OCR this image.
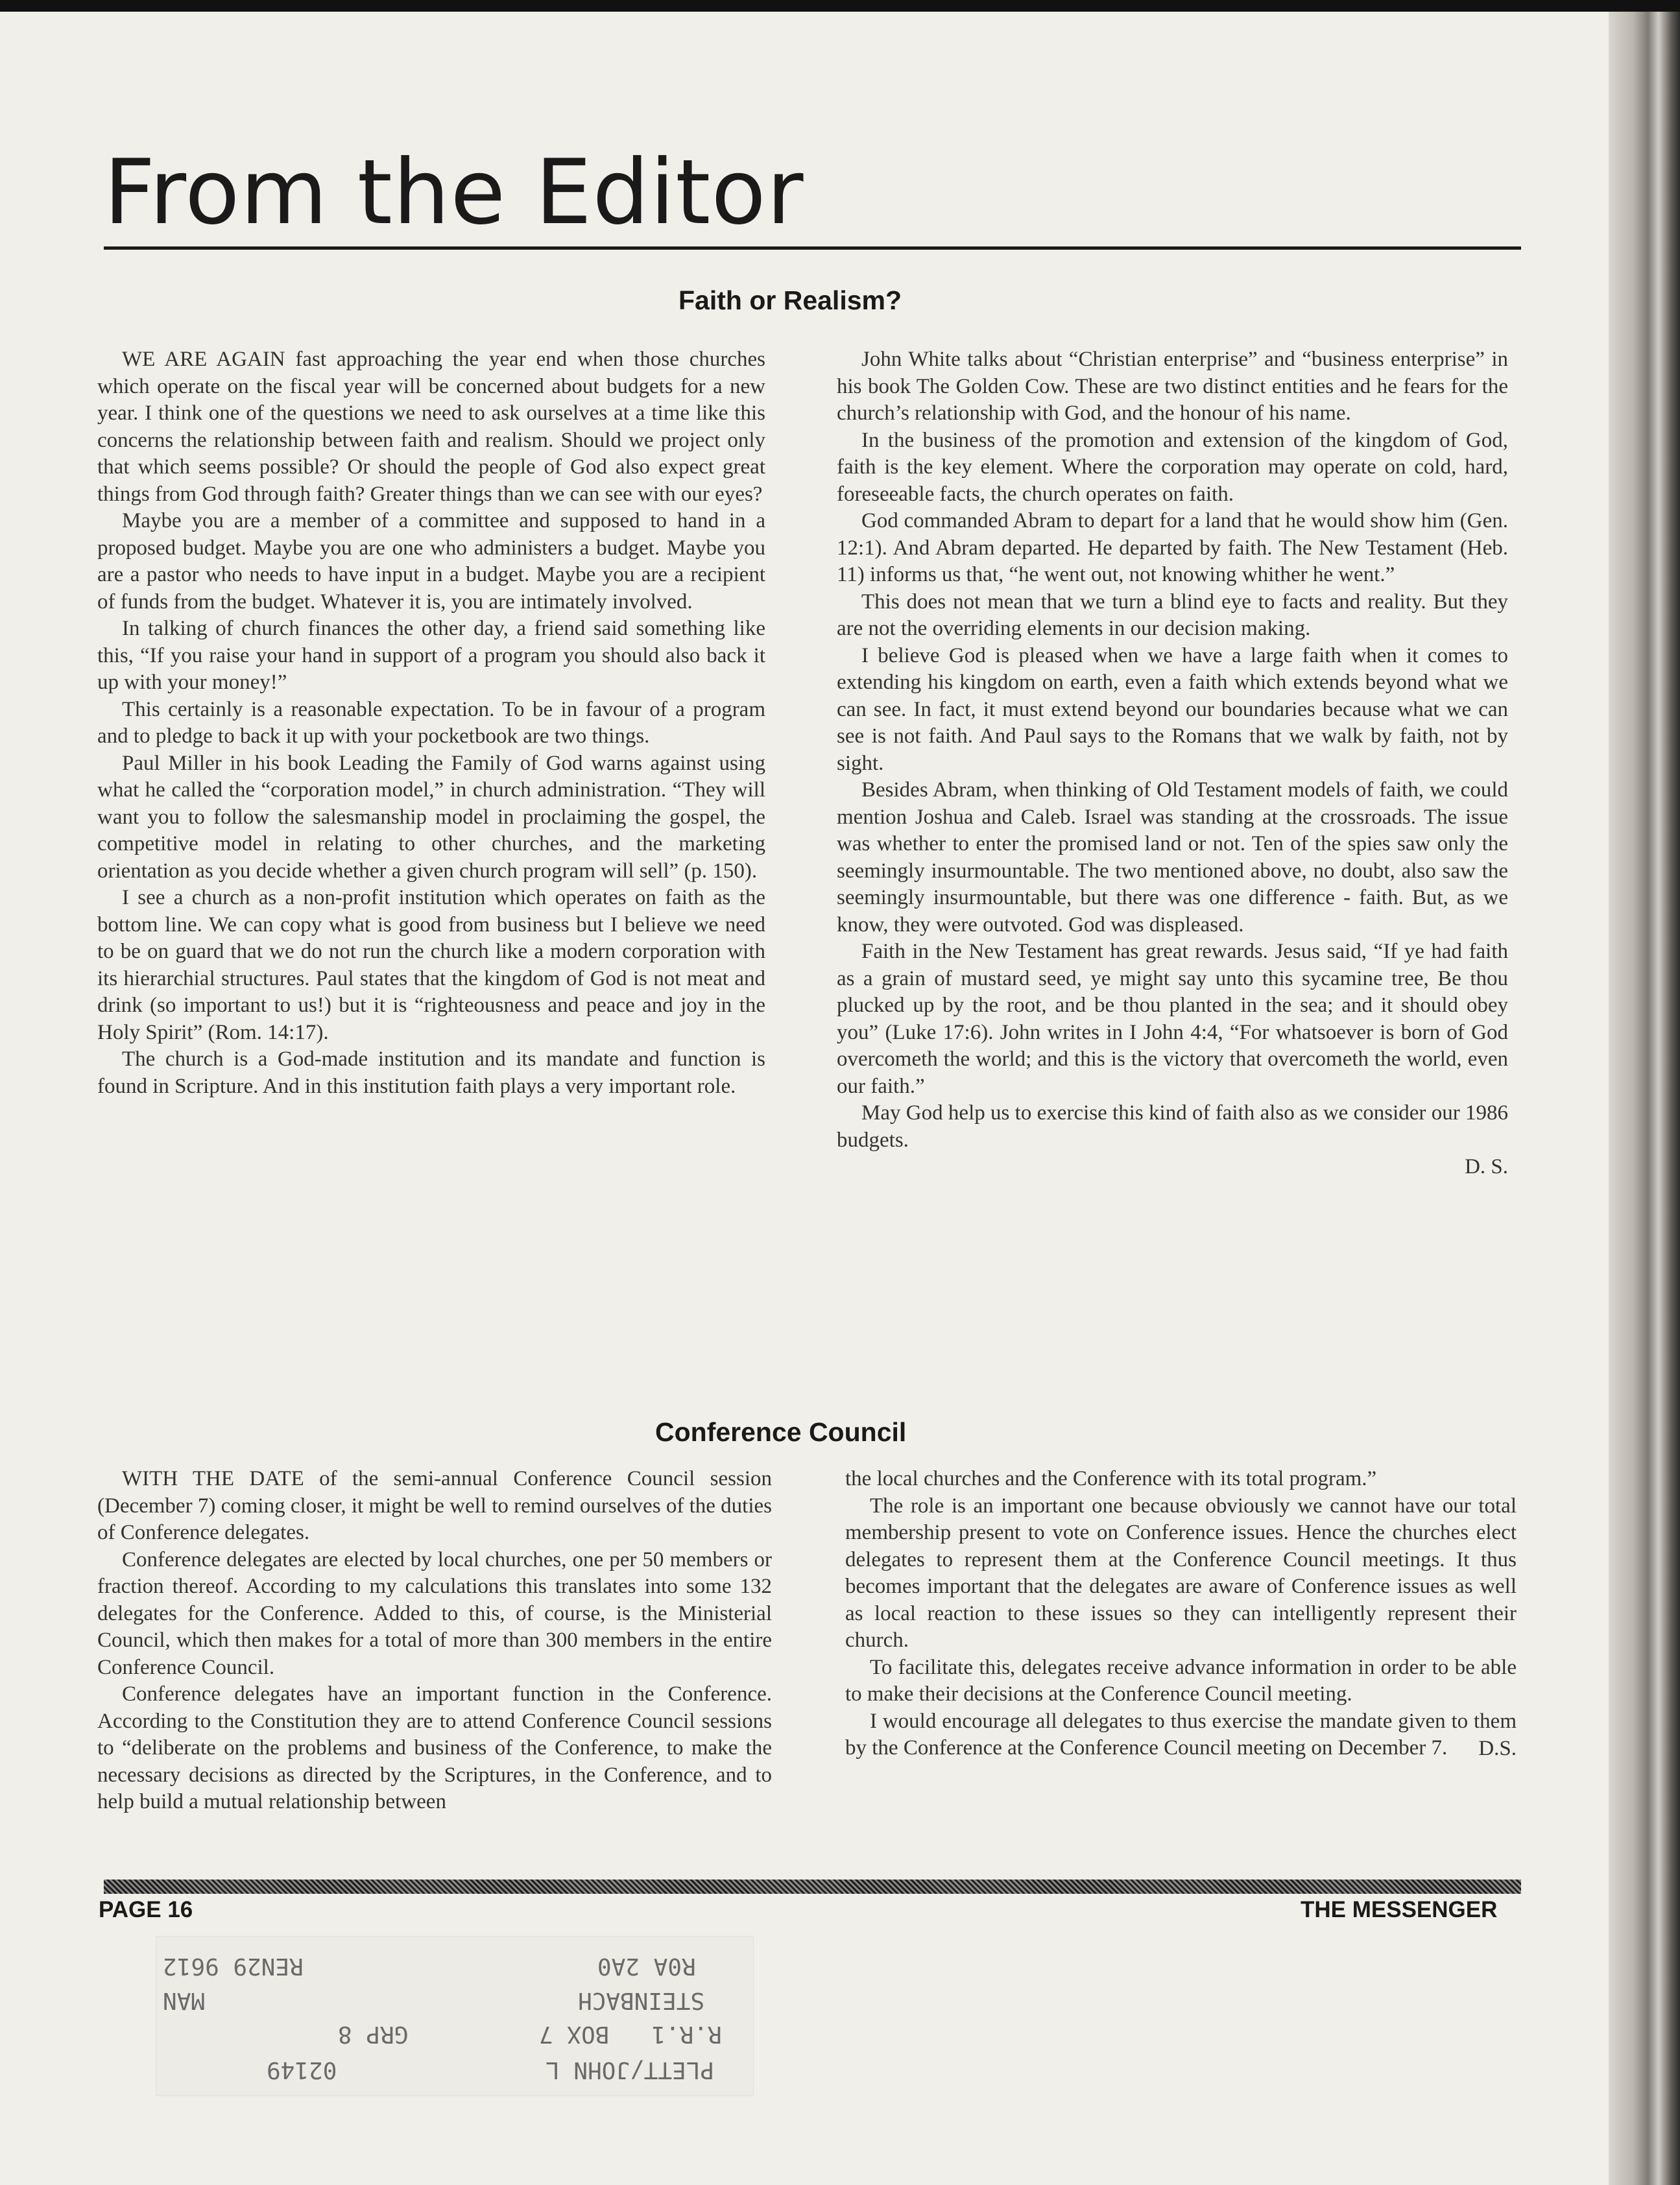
From the Editor
Faith or Realism?

WE ARE AGAIN fast approaching the year end when those churches which operate on the fiscal year will be concerned about budgets for a new year. I think one of the questions we need to ask ourselves at a time like this concerns the relationship between faith and realism. Should we project only that which seems possible? Or should the people of God also expect great things from God through faith? Greater things than we can see with our eyes?

Maybe you are a member of a committee and supposed to hand in a proposed budget. Maybe you are one who administers a budget. Maybe you are a pastor who needs to have input in a budget. Maybe you are a recipient of funds from the budget. Whatever it is, you are intimately involved.

In talking of church finances the other day, a friend said something like this, “If you raise your hand in support of a program you should also back it up with your money!”

This certainly is a reasonable expectation. To be in favour of a program and to pledge to back it up with your pocketbook are two things.

Paul Miller in his book Leading the Family of God warns against using what he called the “corporation model,” in church administration. “They will want you to follow the salesmanship model in proclaiming the gospel, the competitive model in relating to other churches, and the marketing orientation as you decide whether a given church program will sell” (p. 150).

I see a church as a non-profit institution which operates on faith as the bottom line. We can copy what is good from business but I believe we need to be on guard that we do not run the church like a modern corporation with its hierarchial structures. Paul states that the kingdom of God is not meat and drink (so important to us!) but it is “righteousness and peace and joy in the Holy Spirit” (Rom. 14:17).

The church is a God-made institution and its mandate and function is found in Scripture. And in this institution faith plays a very important role.

John White talks about “Christian enterprise” and “business enterprise” in his book The Golden Cow. These are two distinct entities and he fears for the church’s relationship with God, and the honour of his name.

In the business of the promotion and extension of the kingdom of God, faith is the key element. Where the corporation may operate on cold, hard, foreseeable facts, the church operates on faith.

God commanded Abram to depart for a land that he would show him (Gen. 12:1). And Abram departed. He departed by faith. The New Testament (Heb. 11) informs us that, “he went out, not knowing whither he went.”

This does not mean that we turn a blind eye to facts and reality. But they are not the overriding elements in our decision making.

I believe God is pleased when we have a large faith when it comes to extending his kingdom on earth, even a faith which extends beyond what we can see. In fact, it must extend beyond our boundaries because what we can see is not faith. And Paul says to the Romans that we walk by faith, not by sight.

Besides Abram, when thinking of Old Testament models of faith, we could mention Joshua and Caleb. Israel was standing at the crossroads. The issue was whether to enter the promised land or not. Ten of the spies saw only the seemingly insurmountable. The two mentioned above, no doubt, also saw the seemingly insurmountable, but there was one difference - faith. But, as we know, they were outvoted. God was displeased.

Faith in the New Testament has great rewards. Jesus said, “If ye had faith as a grain of mustard seed, ye might say unto this sycamine tree, Be thou plucked up by the root, and be thou planted in the sea; and it should obey you” (Luke 17:6). John writes in I John 4:4, “For whatsoever is born of God overcometh the world; and this is the victory that overcometh the world, even our faith.”

May God help us to exercise this kind of faith also as we consider our 1986 budgets.
D. S.
Conference Council

WITH THE DATE of the semi-annual Conference Council session (December 7) coming closer, it might be well to remind ourselves of the duties of Conference delegates.

Conference delegates are elected by local churches, one per 50 members or fraction thereof. According to my calculations this translates into some 132 delegates for the Conference. Added to this, of course, is the Ministerial Council, which then makes for a total of more than 300 members in the entire Conference Council.

Conference delegates have an important function in the Conference. According to the Constitution they are to attend Conference Council sessions to “deliberate on the problems and business of the Conference, to make the necessary decisions as directed by the Scriptures, in the Conference, and to help build a mutual relationship between

the local churches and the Conference with its total program.”

The role is an important one because obviously we cannot have our total membership present to vote on Conference issues. Hence the churches elect delegates to represent them at the Conference Council meetings. It thus becomes important that the delegates are aware of Conference issues as well as local reaction to these issues so they can intelligently represent their church.

To facilitate this, delegates receive advance information in order to be able to make their decisions at the Conference Council meeting.

I would encourage all delegates to thus exercise the mandate given to them by the Conference at the Conference Council meeting on December 7.	D.S.
PAGE 16	THE MESSENGER
02149	PLETT/JOHN L
GRP 8	R.R.1   BOX 7
MAN	STEINBACH
REN29 9612	R0A 2A0
